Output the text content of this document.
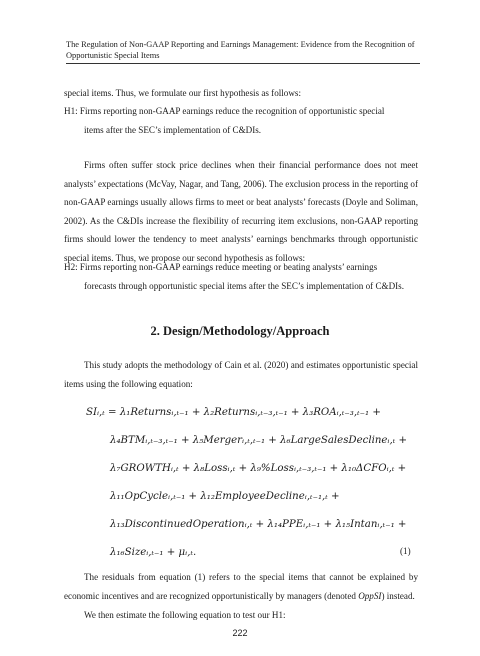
The Regulation of Non-GAAP Reporting and Earnings Management: Evidence from the Recognition of Opportunistic Special Items

special items. Thus, we formulate our first hypothesis as follows:

H1: Firms reporting non-GAAP earnings reduce the recognition of opportunistic special
items after the SEC’s implementation of C&DIs.

Firms often suffer stock price declines when their financial performance does not meet analysts’ expectations (McVay, Nagar, and Tang, 2006). The exclusion process in the reporting of non-GAAP earnings usually allows firms to meet or beat analysts’ forecasts (Doyle and Soliman, 2002). As the C&DIs increase the flexibility of recurring item exclusions, non-GAAP reporting firms should lower the tendency to meet analysts’ earnings benchmarks through opportunistic special items. Thus, we propose our second hypothesis as follows:

H2: Firms reporting non-GAAP earnings reduce meeting or beating analysts’ earnings
forecasts through opportunistic special items after the SEC’s implementation of C&DIs.
2. Design/Methodology/Approach

This study adopts the methodology of Cain et al. (2020) and estimates opportunistic special items using the following equation:

SIᵢ,ₜ = λ₁Returnsᵢ,ₜ₋₁ + λ₂Returnsᵢ,ₜ₋₃,ₜ₋₁ + λ₃ROAᵢ,ₜ₋₃,ₜ₋₁ +
λ₄BTMᵢ,ₜ₋₃,ₜ₋₁ + λ₅Mergerᵢ,ₜ,ₜ₋₁ + λ₆LargeSalesDeclineᵢ,ₜ +
λ₇GROWTHᵢ,ₜ + λ₈Lossᵢ,ₜ + λ₉%Lossᵢ,ₜ₋₃,ₜ₋₁ + λ₁₀ΔCFOᵢ,ₜ +
λ₁₁OpCycleᵢ,ₜ₋₁ + λ₁₂EmployeeDeclineᵢ,ₜ₋₁,ₜ +
λ₁₃DiscontinuedOperationᵢ,ₜ + λ₁₄PPEᵢ,ₜ₋₁ + λ₁₅Intanᵢ,ₜ₋₁ +
λ₁₆Sizeᵢ,ₜ₋₁ + μᵢ,ₜ.	(1)

The residuals from equation (1) refers to the special items that cannot be explained by economic incentives and are recognized opportunistically by managers (denoted OppSI) instead.

We then estimate the following equation to test our H1:

222
